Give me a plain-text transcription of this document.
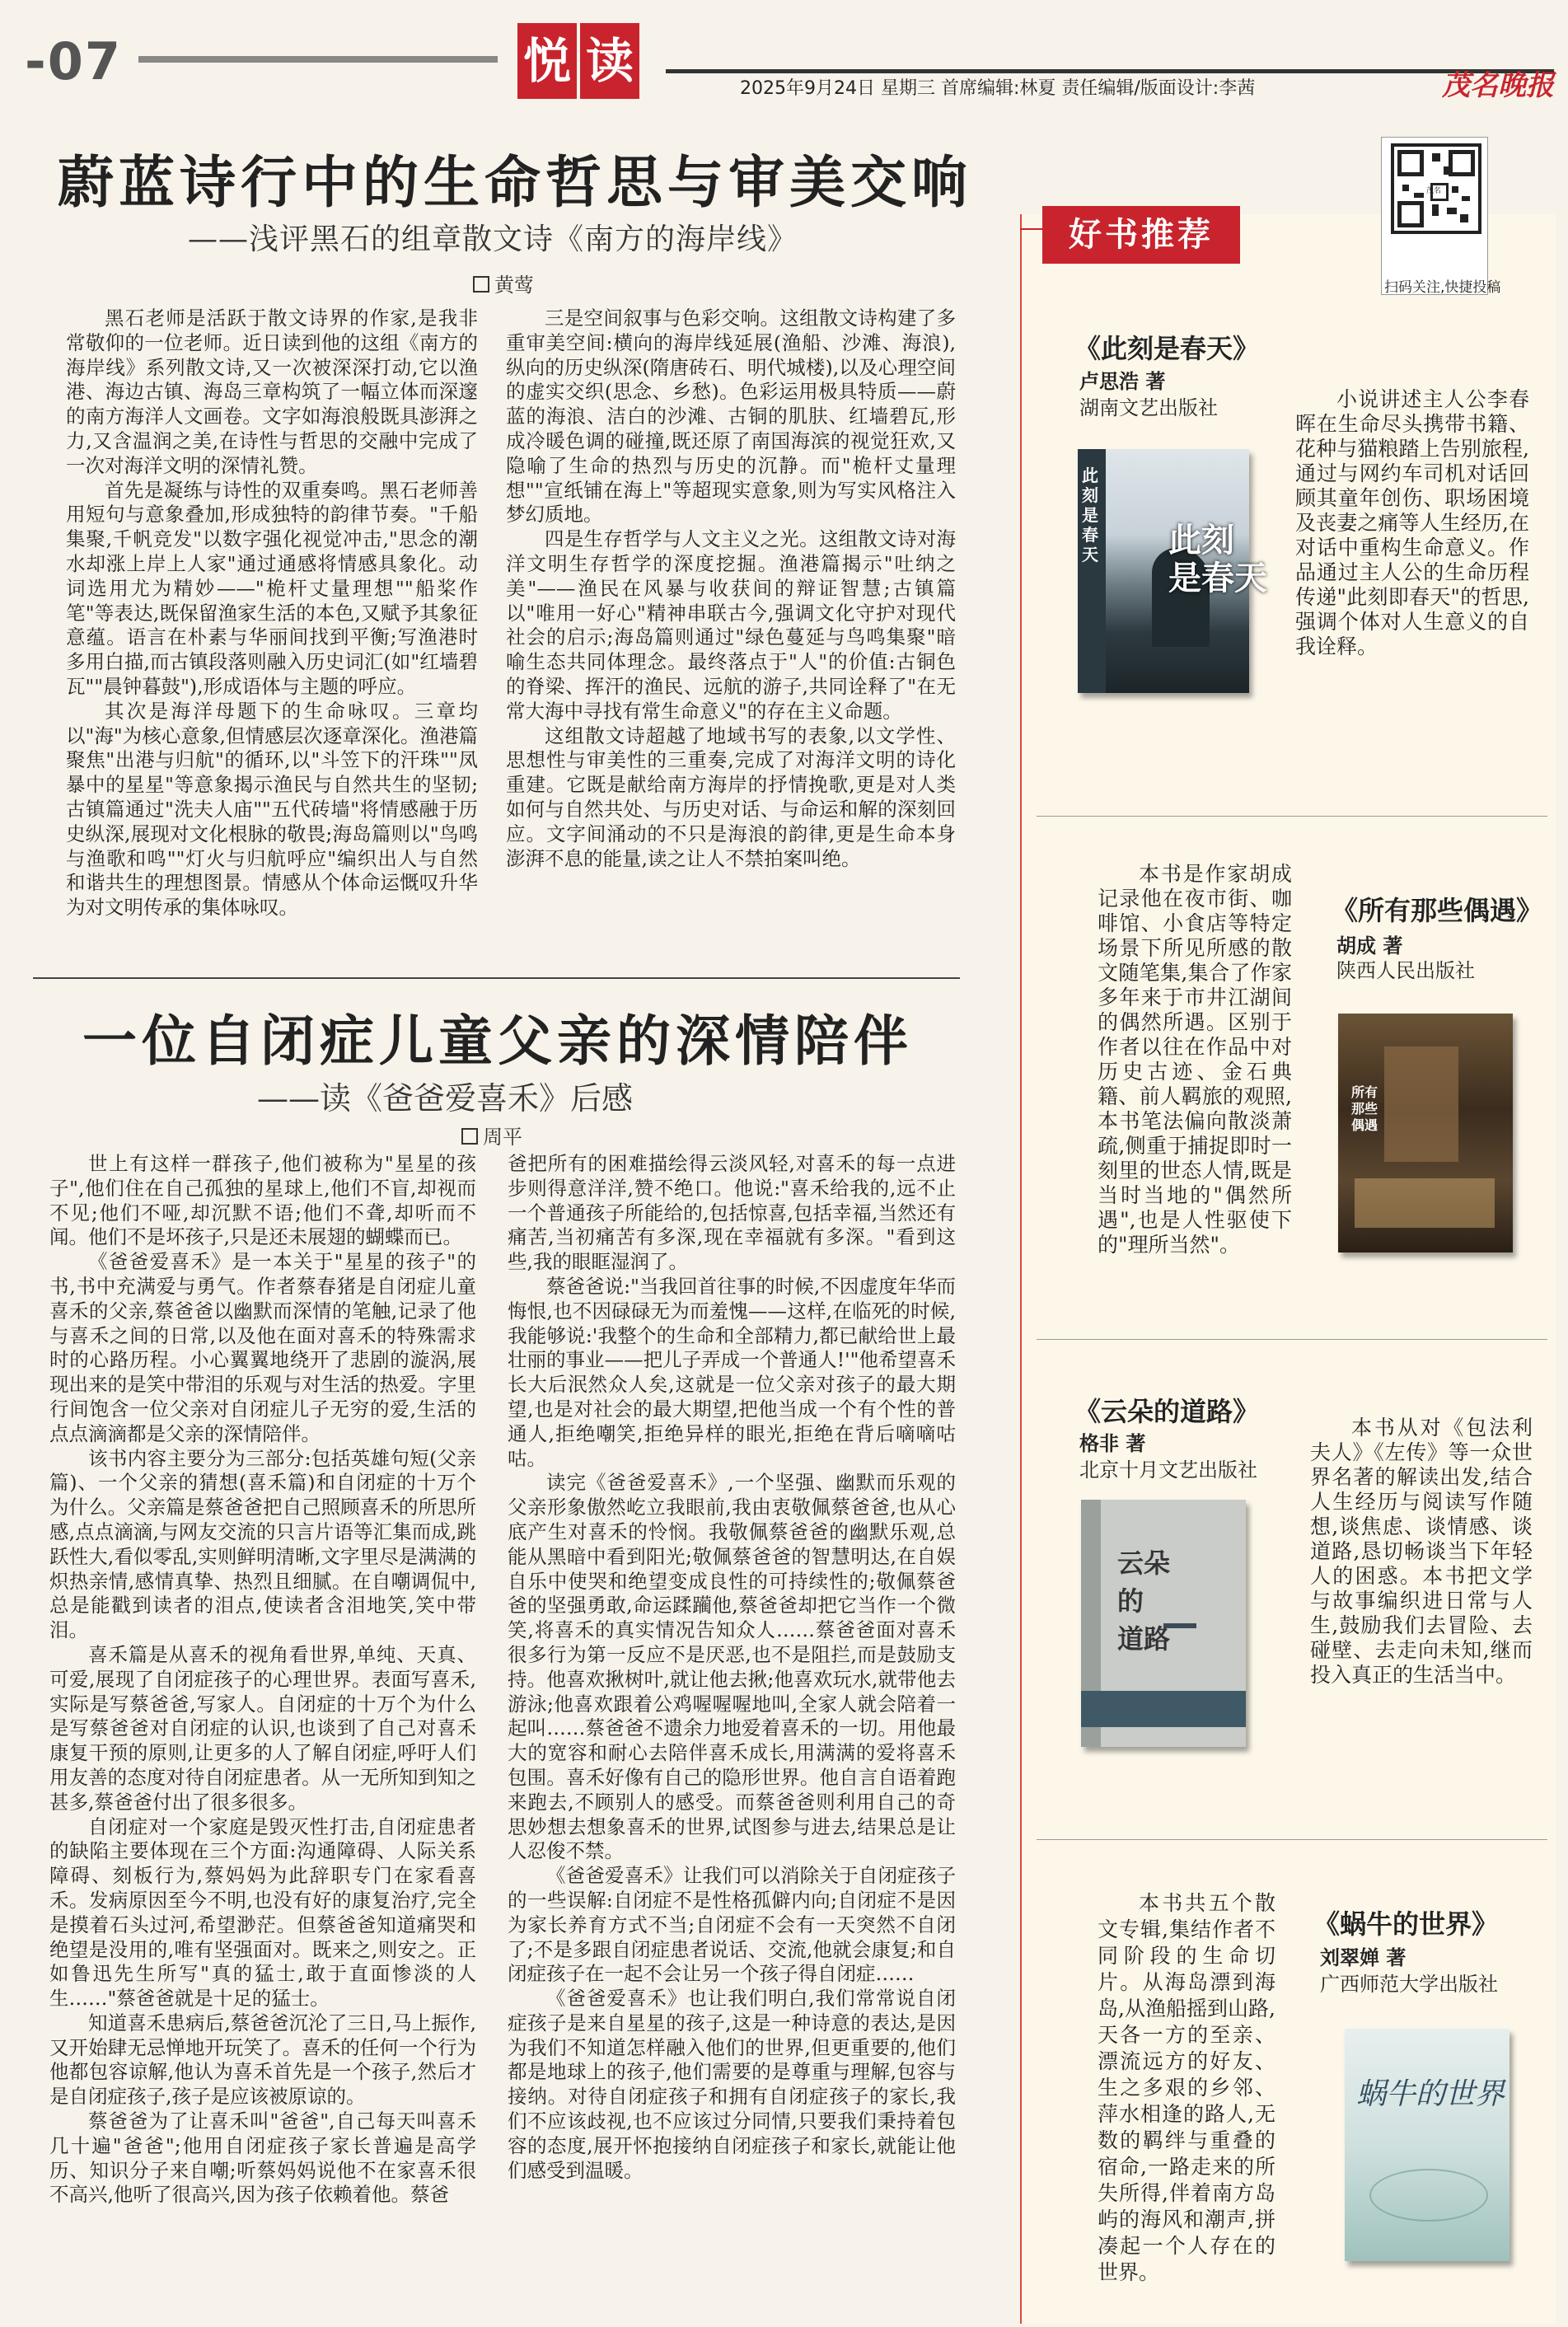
-07	悦 读	2025年9月24日 星期三 首席编辑:林夏 责任编辑/版面设计:李茜	茂名晚报
蔚蓝诗行中的生命哲思与审美交响
——浅评黑石的组章散文诗《南方的海岸线》
黄莺

黑石老师是活跃于散文诗界的作家,是我非常敬仰的一位老师。近日读到他的这组《南方的海岸线》系列散文诗,又一次被深深打动,它以渔港、海边古镇、海岛三章构筑了一幅立体而深邃的南方海洋人文画卷。文字如海浪般既具澎湃之力,又含温润之美,在诗性与哲思的交融中完成了一次对海洋文明的深情礼赞。

首先是凝练与诗性的双重奏鸣。黑石老师善用短句与意象叠加,形成独特的韵律节奏。"千船集聚,千帆竞发"以数字强化视觉冲击,"思念的潮水却涨上岸上人家"通过通感将情感具象化。动词选用尤为精妙——"桅杆丈量理想""船桨作笔"等表达,既保留渔家生活的本色,又赋予其象征意蕴。语言在朴素与华丽间找到平衡;写渔港时多用白描,而古镇段落则融入历史词汇(如"红墙碧瓦""晨钟暮鼓"),形成语体与主题的呼应。

其次是海洋母题下的生命咏叹。三章均以"海"为核心意象,但情感层次逐章深化。渔港篇聚焦"出港与归航"的循环,以"斗笠下的汗珠""凤暴中的星星"等意象揭示渔民与自然共生的坚韧;古镇篇通过"洗夫人庙""五代砖墙"将情感融于历史纵深,展现对文化根脉的敬畏;海岛篇则以"鸟鸣与渔歌和鸣""灯火与归航呼应"编织出人与自然和谐共生的理想图景。情感从个体命运慨叹升华为对文明传承的集体咏叹。

三是空间叙事与色彩交响。这组散文诗构建了多重审美空间:横向的海岸线延展(渔船、沙滩、海浪),纵向的历史纵深(隋唐砖石、明代城楼),以及心理空间的虚实交织(思念、乡愁)。色彩运用极具特质——蔚蓝的海浪、洁白的沙滩、古铜的肌肤、红墙碧瓦,形成冷暖色调的碰撞,既还原了南国海滨的视觉狂欢,又隐喻了生命的热烈与历史的沉静。而"桅杆丈量理想""宣纸铺在海上"等超现实意象,则为写实风格注入梦幻质地。

四是生存哲学与人文主义之光。这组散文诗对海洋文明生存哲学的深度挖掘。渔港篇揭示"吐纳之美"——渔民在风暴与收获间的辩证智慧;古镇篇以"唯用一好心"精神串联古今,强调文化守护对现代社会的启示;海岛篇则通过"绿色蔓延与鸟鸣集聚"暗喻生态共同体理念。最终落点于"人"的价值:古铜色的脊梁、挥汗的渔民、远航的游子,共同诠释了"在无常大海中寻找有常生命意义"的存在主义命题。

这组散文诗超越了地域书写的表象,以文学性、思想性与审美性的三重奏,完成了对海洋文明的诗化重建。它既是献给南方海岸的抒情挽歌,更是对人类如何与自然共处、与历史对话、与命运和解的深刻回应。文字间涌动的不只是海浪的韵律,更是生命本身澎湃不息的能量,读之让人不禁拍案叫绝。

一位自闭症儿童父亲的深情陪伴
——读《爸爸爱喜禾》后感
周平

世上有这样一群孩子,他们被称为"星星的孩子",他们住在自己孤独的星球上,他们不盲,却视而不见;他们不哑,却沉默不语;他们不聋,却听而不闻。他们不是坏孩子,只是还未展翅的蝴蝶而已。

《爸爸爱喜禾》是一本关于"星星的孩子"的书,书中充满爱与勇气。作者蔡春猪是自闭症儿童喜禾的父亲,蔡爸爸以幽默而深情的笔触,记录了他与喜禾之间的日常,以及他在面对喜禾的特殊需求时的心路历程。小心翼翼地绕开了悲剧的漩涡,展现出来的是笑中带泪的乐观与对生活的热爱。字里行间饱含一位父亲对自闭症儿子无穷的爱,生活的点点滴滴都是父亲的深情陪伴。

该书内容主要分为三部分:包括英雄句短(父亲篇)、一个父亲的猜想(喜禾篇)和自闭症的十万个为什么。父亲篇是蔡爸爸把自己照顾喜禾的所思所感,点点滴滴,与网友交流的只言片语等汇集而成,跳跃性大,看似零乱,实则鲜明清晰,文字里尽是满满的炽热亲情,感情真挚、热烈且细腻。在自嘲调侃中,总是能戳到读者的泪点,使读者含泪地笑,笑中带泪。

喜禾篇是从喜禾的视角看世界,单纯、天真、可爱,展现了自闭症孩子的心理世界。表面写喜禾,实际是写蔡爸爸,写家人。自闭症的十万个为什么是写蔡爸爸对自闭症的认识,也谈到了自己对喜禾康复干预的原则,让更多的人了解自闭症,呼吁人们用友善的态度对待自闭症患者。从一无所知到知之甚多,蔡爸爸付出了很多很多。

自闭症对一个家庭是毁灭性打击,自闭症患者的缺陷主要体现在三个方面:沟通障碍、人际关系障碍、刻板行为,蔡妈妈为此辞职专门在家看喜禾。发病原因至今不明,也没有好的康复治疗,完全是摸着石头过河,希望渺茫。但蔡爸爸知道痛哭和绝望是没用的,唯有坚强面对。既来之,则安之。正如鲁迅先生所写"真的猛士,敢于直面惨淡的人生……"蔡爸爸就是十足的猛士。

知道喜禾患病后,蔡爸爸沉沦了三日,马上振作,又开始肆无忌惮地开玩笑了。喜禾的任何一个行为他都包容谅解,他认为喜禾首先是一个孩子,然后才是自闭症孩子,孩子是应该被原谅的。

蔡爸爸为了让喜禾叫"爸爸",自己每天叫喜禾几十遍"爸爸";他用自闭症孩子家长普遍是高学历、知识分子来自嘲;听蔡妈妈说他不在家喜禾很不高兴,他听了很高兴,因为孩子依赖着他。蔡爸

爸把所有的困难描绘得云淡风轻,对喜禾的每一点进步则得意洋洋,赞不绝口。他说:"喜禾给我的,远不止一个普通孩子所能给的,包括惊喜,包括幸福,当然还有痛苦,当初痛苦有多深,现在幸福就有多深。"看到这些,我的眼眶湿润了。

蔡爸爸说:"当我回首往事的时候,不因虚度年华而悔恨,也不因碌碌无为而羞愧——这样,在临死的时候,我能够说:'我整个的生命和全部精力,都已献给世上最壮丽的事业——把儿子弄成一个普通人!'"他希望喜禾长大后泯然众人矣,这就是一位父亲对孩子的最大期望,也是对社会的最大期望,把他当成一个有个性的普通人,拒绝嘲笑,拒绝异样的眼光,拒绝在背后嘀嘀咕咕。

读完《爸爸爱喜禾》,一个坚强、幽默而乐观的父亲形象傲然屹立我眼前,我由衷敬佩蔡爸爸,也从心底产生对喜禾的怜悯。我敬佩蔡爸爸的幽默乐观,总能从黑暗中看到阳光;敬佩蔡爸爸的智慧明达,在自娱自乐中使哭和绝望变成良性的可持续性的;敬佩蔡爸爸的坚强勇敢,命运蹂躏他,蔡爸爸却把它当作一个微笑,将喜禾的真实情况告知众人……蔡爸爸面对喜禾很多行为第一反应不是厌恶,也不是阻拦,而是鼓励支持。他喜欢揪树叶,就让他去揪;他喜欢玩水,就带他去游泳;他喜欢跟着公鸡喔喔喔地叫,全家人就会陪着一起叫……蔡爸爸不遗余力地爱着喜禾的一切。用他最大的宽容和耐心去陪伴喜禾成长,用满满的爱将喜禾包围。喜禾好像有自己的隐形世界。他自言自语着跑来跑去,不顾别人的感受。而蔡爸爸则利用自己的奇思妙想去想象喜禾的世界,试图参与进去,结果总是让人忍俊不禁。

《爸爸爱喜禾》让我们可以消除关于自闭症孩子的一些误解:自闭症不是性格孤僻内向;自闭症不是因为家长养育方式不当;自闭症不会有一天突然不自闭了;不是多跟自闭症患者说话、交流,他就会康复;和自闭症孩子在一起不会让另一个孩子得自闭症……

《爸爸爱喜禾》也让我们明白,我们常常说自闭症孩子是来自星星的孩子,这是一种诗意的表达,是因为我们不知道怎样融入他们的世界,但更重要的,他们都是地球上的孩子,他们需要的是尊重与理解,包容与接纳。对待自闭症孩子和拥有自闭症孩子的家长,我们不应该歧视,也不应该过分同情,只要我们秉持着包容的态度,展开怀抱接纳自闭症孩子和家长,就能让他们感受到温暖。

好书推荐
茂名
扫码关注,快捷投稿
《此刻是春天》
卢思浩 著
湖南文艺出版社
此刻是春天 此刻
是春天
小说讲述主人公李春晖在生命尽头携带书籍、花种与猫粮踏上告别旅程,通过与网约车司机对话回顾其童年创伤、职场困境及丧妻之痛等人生经历,在对话中重构生命意义。作品通过主人公的生命历程传递"此刻即春天"的哲思,强调个体对人生意义的自我诠释。
本书是作家胡成记录他在夜市街、咖啡馆、小食店等特定场景下所见所感的散文随笔集,集合了作家多年来于市井江湖间的偶然所遇。区别于作者以往在作品中对历史古迹、金石典籍、前人羁旅的观照,本书笔法偏向散淡萧疏,侧重于捕捉即时一刻里的世态人情,既是当时当地的"偶然所遇",也是人性驱使下的"理所当然"。
《所有那些偶遇》
胡成 著
陕西人民出版社
所有那些偶遇
《云朵的道路》
格非 著
北京十月文艺出版社
云朵
的
道路
本书从对《包法利夫人》《左传》等一众世界名著的解读出发,结合人生经历与阅读写作随想,谈焦虑、谈情感、谈道路,恳切畅谈当下年轻人的困惑。本书把文学与故事编织进日常与人生,鼓励我们去冒险、去碰壁、去走向未知,继而投入真正的生活当中。
本书共五个散文专辑,集结作者不同阶段的生命切片。从海岛漂到海岛,从渔船摇到山路,天各一方的至亲、漂流远方的好友、生之多艰的乡邻、萍水相逢的路人,无数的羁绊与重叠的宿命,一路走来的所失所得,伴着南方岛屿的海风和潮声,拼凑起一个人存在的世界。
《蜗牛的世界》
刘翠婵 著
广西师范大学出版社
蜗牛的世界
